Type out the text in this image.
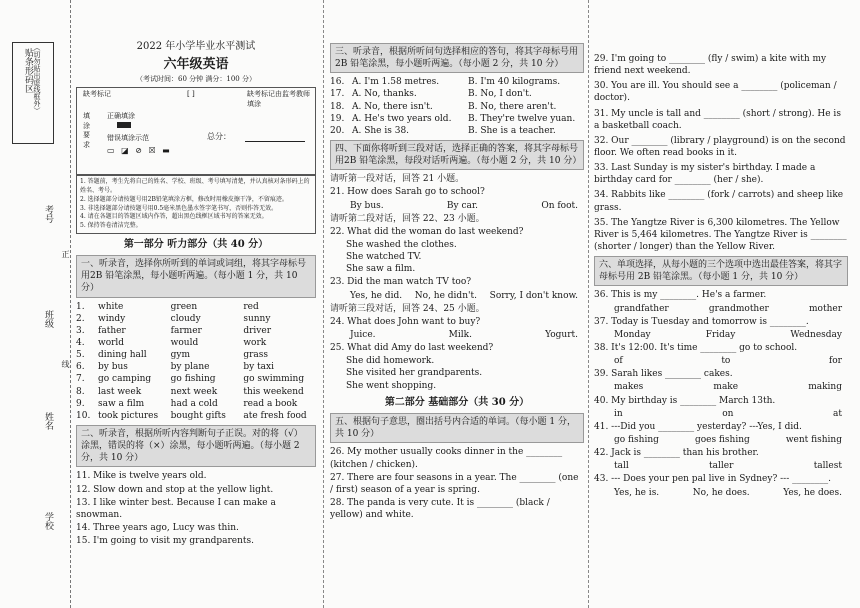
贴条形码区 （切勿贴出虚线框外）
考号
班级
姓名
学校
正
线
2022 年小学毕业水平测试
六年级英语
（考试时间：60 分钟 满分：100 分）
缺考标记	[ ]	缺考标记由监考教师填涂
填涂要求
正确填涂
错误填涂示范
▭ ◪ ⊘ ☒ ▬
总分：
1. 答题前，考生先将自己的姓名、学校、班级、考号填写清楚，并认真核对条形码上的姓名、考号。
2. 选择题部分请按题号用2B铅笔填涂方框，修改时用橡皮擦干净，不留痕迹。
3. 非选择题部分请按题号用0.5毫米黑色墨水签字笔书写，否则作答无效。
4. 请在各题目的答题区域内作答，超出黑色线框区域书写的答案无效。
5. 保持答卷清洁完整。
第一部分 听力部分（共 40 分）
一、听录音，选择你所听到的单词或词组，将其字母标号用2B 铅笔涂黑，每小题听两遍。（每小题 1 分，共 10 分）
1.	white	green	red
2.	windy	cloudy	sunny
3.	father	farmer	driver
4.	world	would	work
5.	dining hall	gym	grass
6.	by bus	by plane	by taxi
7.	go camping	go fishing	go swimming
8.	last week	next week	this weekend
9.	saw a film	had a cold	read a book
10. took pictures	bought gifts	ate fresh food
二、听录音，根据所听内容判断句子正误。对的将（√）涂黑，错误的将（×）涂黑，每小题听两遍。（每小题 2 分，共 10 分）
11. Mike is twelve years old.
12. Slow down and stop at the yellow light.
13. I like winter best. Because I can make a snowman.
14. Three years ago, Lucy was thin.
15. I'm going to visit my grandparents.
三、听录音，根据所听问句选择相应的答句，将其字母标号用2B 铅笔涂黑，每小题听两遍。（每小题 2 分，共 10 分）
16. A. I'm 1.58 metres.	B. I'm 40 kilograms.
17. A. No, thanks.	B. No, I don't.
18. A. No, there isn't.	B. No, there aren't.
19. A. He's two years old.	B. They're twelve yuan.
20. A. She is 38.	B. She is a teacher.
四、下面你将听到三段对话，选择正确的答案，将其字母标号用2B 铅笔涂黑，每段对话听两遍。（每小题 2 分，共 10 分）
请听第一段对话，回答 21 小题。
21. How does Sarah go to school?
By bus.	By car.	On foot.
请听第二段对话，回答 22、23 小题。
22. What did the woman do last weekend?
She washed the clothes.
She watched TV.
She saw a film.
23. Did the man watch TV too?
Yes, he did. No, he didn't. Sorry, I don't know.
请听第三段对话，回答 24、25 小题。
24. What does John want to buy?
Juice.	Milk.	Yogurt.
25. What did Amy do last weekend?
She did homework.
She visited her grandparents.
She went shopping.
第二部分 基础部分（共 30 分）
五、根据句子意思，圈出括号内合适的单词。（每小题 1 分，共 10 分）
26. My mother usually cooks dinner in the ________ (kitchen / chicken).
27. There are four seasons in a year. The ________ (one / first) season of a year is spring.
28. The panda is very cute. It is ________ (black / yellow) and white.
29. I'm going to ________ (fly / swim) a kite with my friend next weekend.
30. You are ill. You should see a ________ (policeman / doctor).
31. My uncle is tall and ________ (short / strong). He is a basketball coach.
32. Our ________ (library / playground) is on the second floor. We often read books in it.
33. Last Sunday is my sister's birthday. I made a birthday card for ________ (her / she).
34. Rabbits like ________ (fork / carrots) and sheep like grass.
35. The Yangtze River is 6,300 kilometres. The Yellow River is 5,464 kilometres. The Yangtze River is ________ (shorter / longer) than the Yellow River.
六、单项选择，从每小题的三个选项中选出最佳答案，将其字母标号用 2B 铅笔涂黑。（每小题 1 分，共 10 分）
36. This is my ________. He's a farmer.
grandfather	grandmother	mother
37. Today is Tuesday and tomorrow is ________.
Monday	Friday	Wednesday
38. It's 12:00. It's time ________ go to school.
of	to	for
39. Sarah likes ________ cakes.
makes	make	making
40. My birthday is ________ March 13th.
in	on	at
41. ---Did you ________ yesterday? ---Yes, I did.
go fishing	goes fishing	went fishing
42. Jack is ________ than his brother.
tall	taller	tallest
43. --- Does your pen pal live in Sydney? --- ________.
Yes, he is.	No, he does.	Yes, he does.
